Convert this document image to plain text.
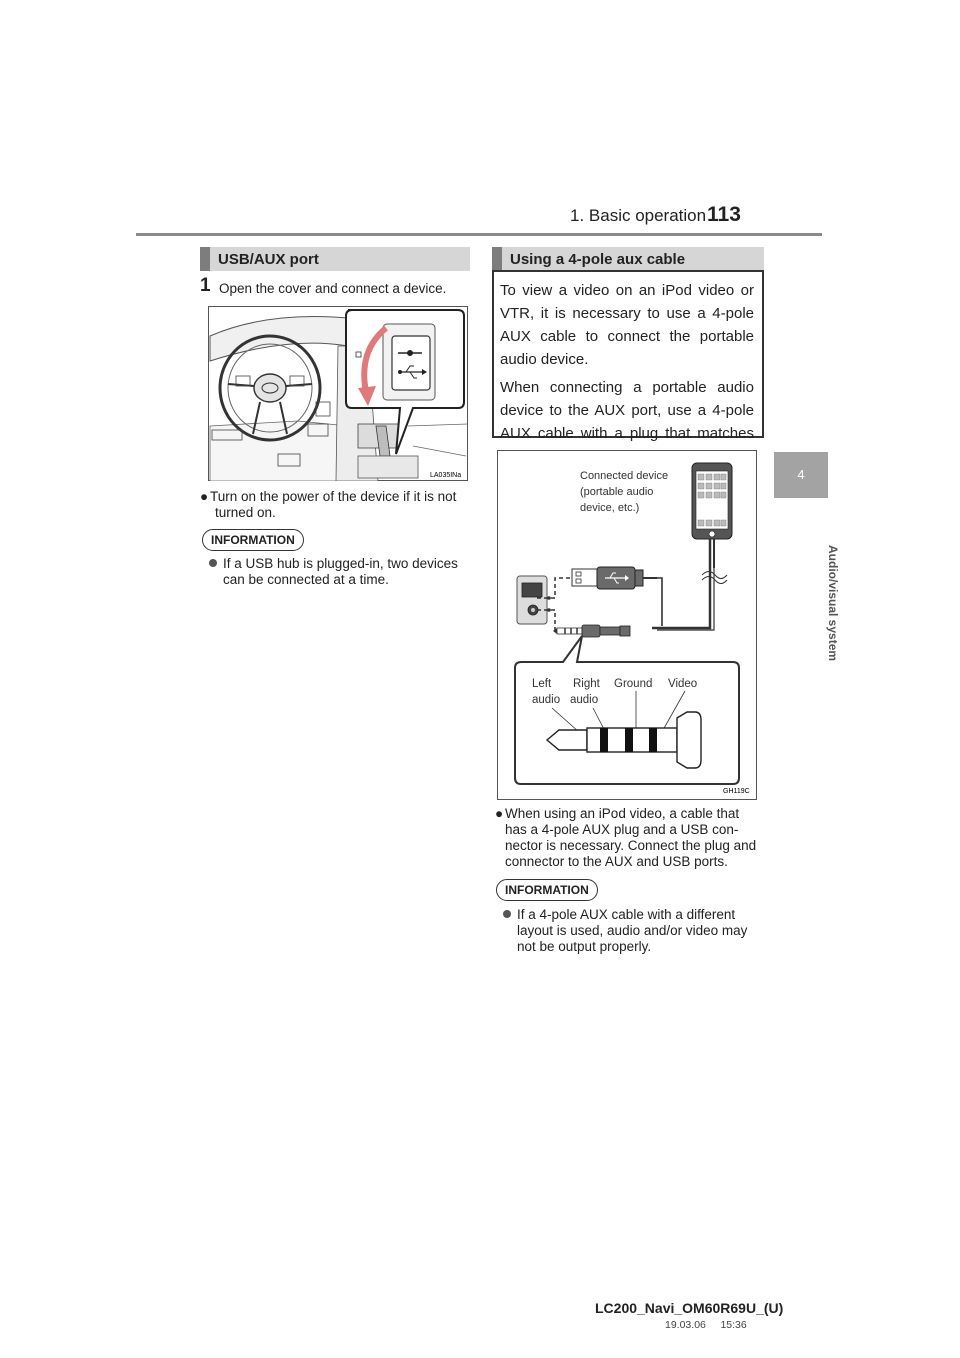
1. Basic operation 113
4
Audio/visual system
USB/AUX port
1 Open the cover and connect a device.
LA035INa
● Turn on the power of the device if it is not
turned on.
INFORMATION
If a USB hub is plugged-in, two devices
can be connected at a time.
Using a 4-pole aux cable

To view a video on an iPod video or VTR, it is necessary to use a 4-pole AUX cable to connect the portable audio device.

When connecting a portable audio device to the AUX port, use a 4-pole AUX cable with a plug that matches

Connected device
(portable audio
device, etc.)
Left
audio
Right
audio
Ground Video
GH119C
● When using an iPod video, a cable that
has a 4-pole AUX plug and a USB con-
nector is necessary. Connect the plug and
connector to the AUX and USB ports.
INFORMATION
If a 4-pole AUX cable with a different
layout is used, audio and/or video may
not be output properly.
LC200_Navi_OM60R69U_(U)
19.03.06     15:36
